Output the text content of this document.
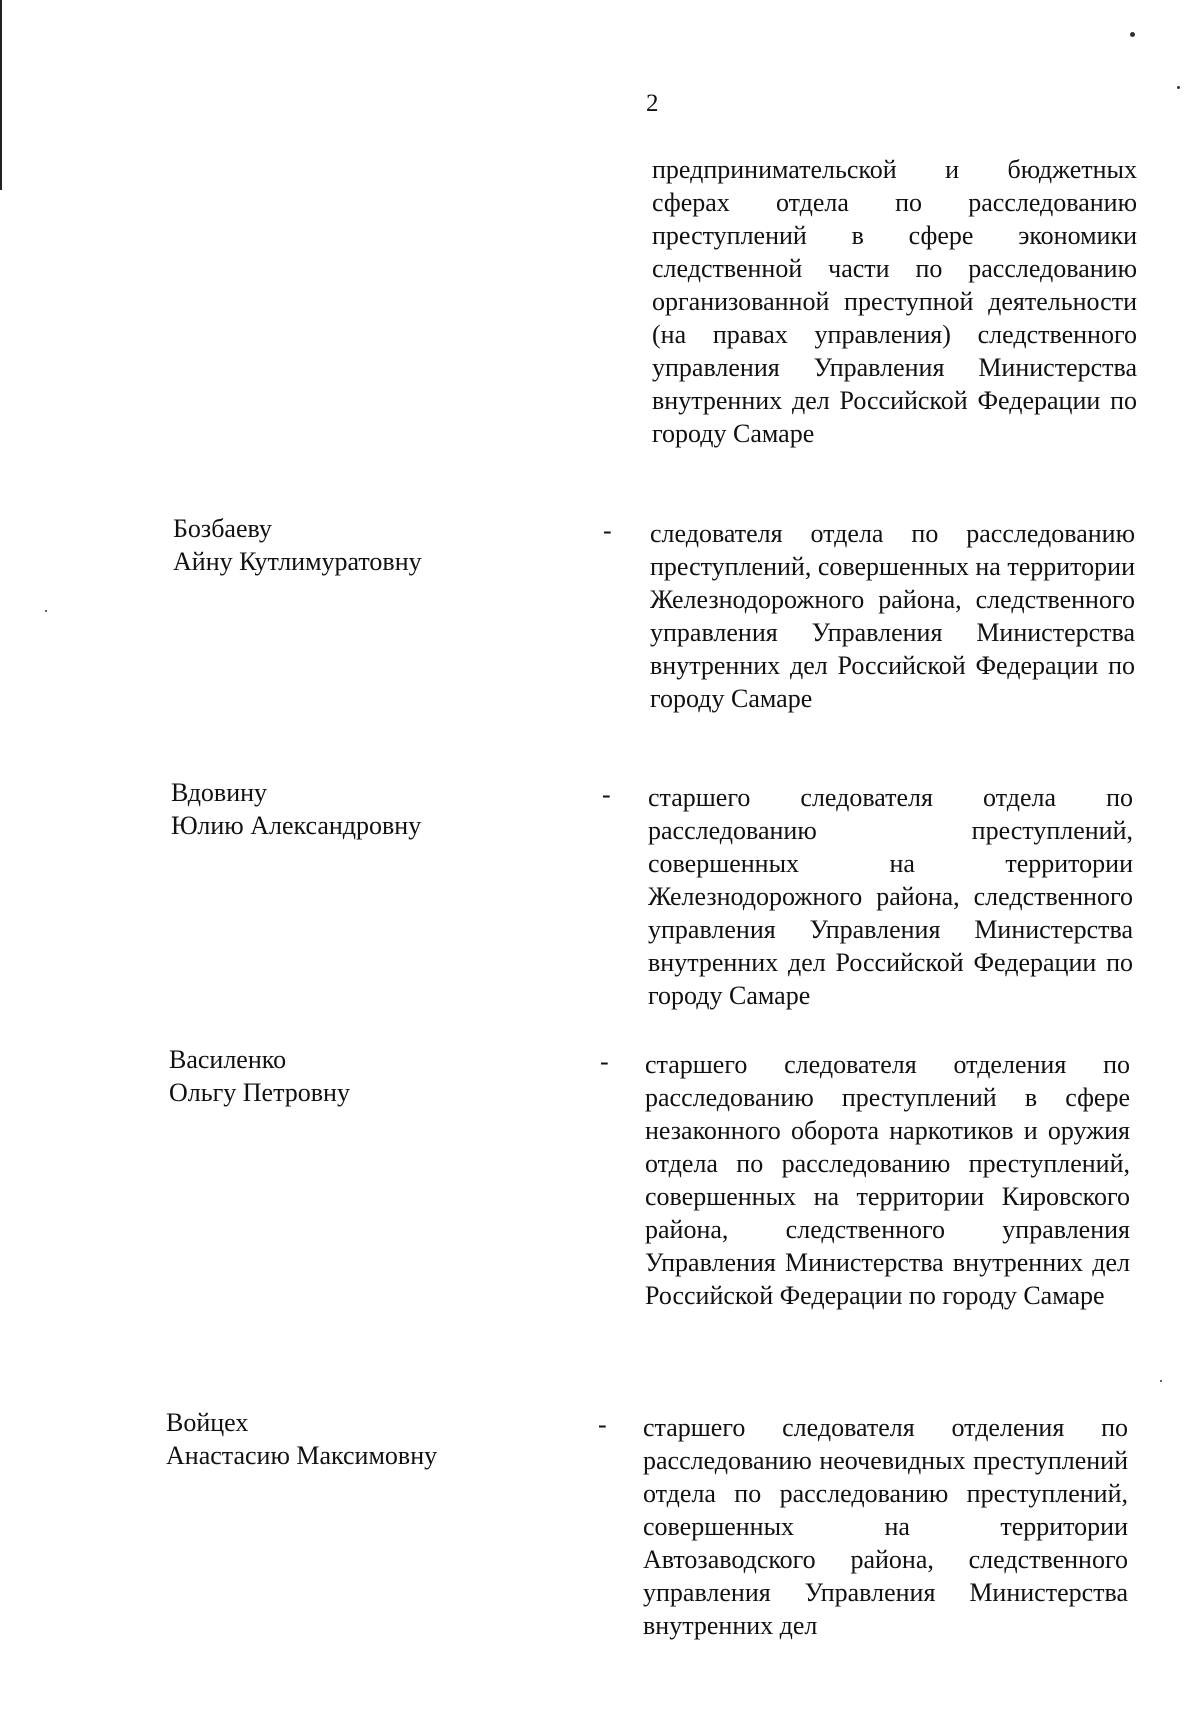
2
предпринимательской и бюджетных сферах отдела по расследованию преступлений в сфере экономики следственной части по расследованию организованной преступной деятельности (на правах управления) следственного управления Управления Министерства внутренних дел Российской Федерации по городу Самаре
Бозбаеву
Айну Кутлимуратовну
- следователя отдела по расследованию преступлений, совершенных на территории Железнодорожного района, следственного управления Управления Министерства внутренних дел Российской Федерации по городу Самаре
Вдовину
Юлию Александровну
- старшего следователя отдела по расследованию преступлений, совершенных на территории Железнодорожного района, следственного управления Управления Министерства внутренних дел Российской Федерации по городу Самаре
Василенко
Ольгу Петровну
- старшего следователя отделения по расследованию преступлений в сфере незаконного оборота наркотиков и оружия отдела по расследованию преступлений, совершенных на территории Кировского района, следственного управления Управления Министерства внутренних дел Российской Федерации по городу Самаре
Войцех
Анастасию Максимовну
- старшего следователя отделения по расследованию неочевидных преступлений отдела по расследованию преступлений, совершенных на территории Автозаводского района, следственного управления Управления Министерства внутренних дел
